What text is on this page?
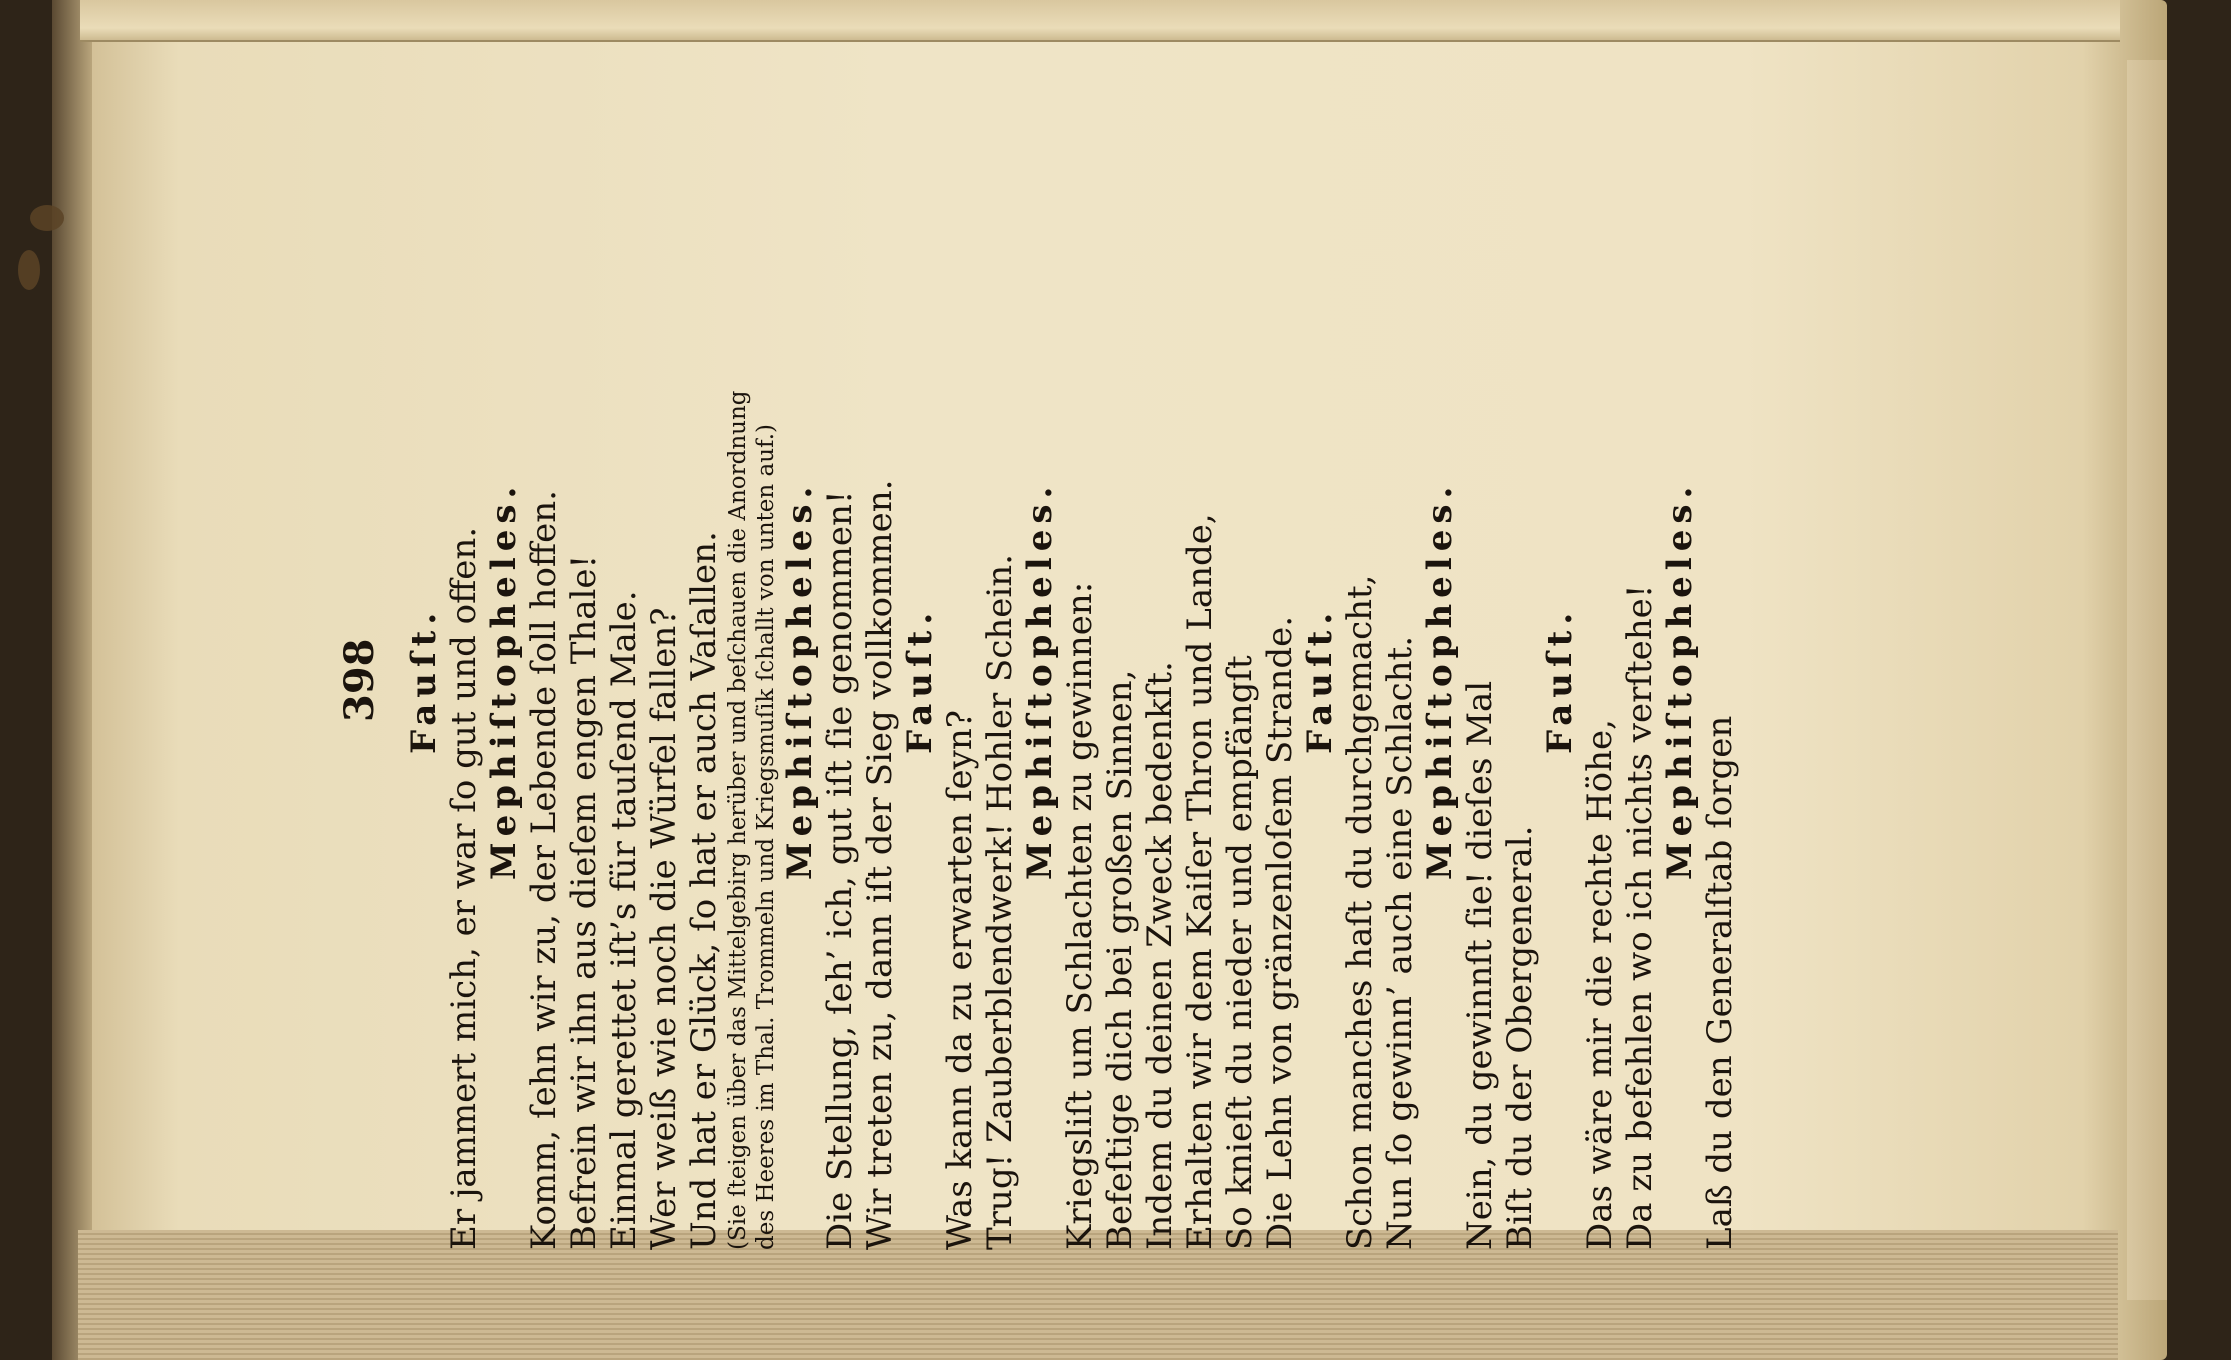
398 Fauſt. Er jammert mich, er war ſo gut und offen. Mephiſtopheles. Komm, ſehn wir zu, der Lebende ſoll hoffen. Befrein wir ihn aus dieſem engen Thale! Einmal gerettet iſt’s für tauſend Male. Wer weiß wie noch die Würfel fallen? Und hat er Glück, ſo hat er auch Vaſallen. (Sie ſteigen über das Mittelgebirg herüber und beſchauen die Anordnung des Heeres im Thal. Trommeln und Kriegsmuſik ſchallt von unten auf.) Mephiſtopheles. Die Stellung, ſeh’ ich, gut iſt ſie genommen! Wir treten zu, dann iſt der Sieg vollkommen. Fauſt.
Was kann da zu erwarten ſeyn? Trug! Zauberblendwerk! Hohler Schein. Mephiſtopheles. Kriegsliſt um Schlachten zu gewinnen: Befeſtige dich bei großen Sinnen, Indem du deinen Zweck bedenkſt. Erhalten wir dem Kaiſer Thron und Lande, So knieſt du nieder und empfängſt Die Lehn von gränzenloſem Strande. Fauſt. Schon manches haſt du durchgemacht, Nun ſo gewinn’ auch eine Schlacht. Mephiſtopheles.
Nein, du gewinnſt ſie! dieſes Mal Biſt du der Obergeneral.
Fauſt.
Das wäre mir die rechte Höhe, Da zu befehlen wo ich nichts verſtehe! Mephiſtopheles.
Laß du den Generalſtab ſorgen
